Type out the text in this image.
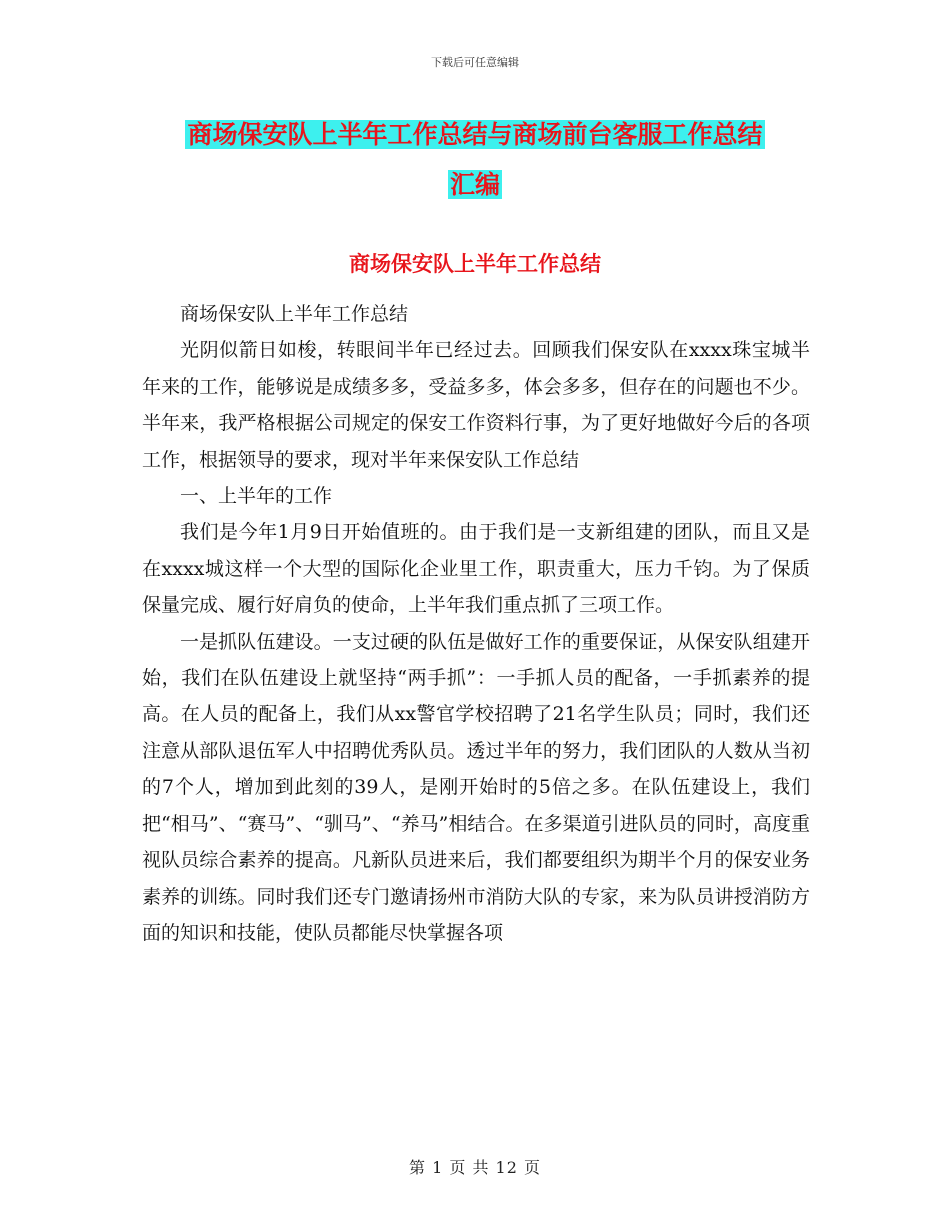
下载后可任意编辑
商场保安队上半年工作总结与商场前台客服工作总结
汇编
商场保安队上半年工作总结

商场保安队上半年工作总结

光阴似箭日如梭，转眼间半年已经过去。回顾我们保安队在xxxx珠宝城半年来的工作，能够说是成绩多多，受益多多，体会多多，但存在的问题也不少。半年来，我严格根据公司规定的保安工作资料行事，为了更好地做好今后的各项工作，根据领导的要求，现对半年来保安队工作总结

一、上半年的工作

我们是今年1月9日开始值班的。由于我们是一支新组建的团队，而且又是在xxxx城这样一个大型的国际化企业里工作，职责重大，压力千钧。为了保质保量完成、履行好肩负的使命，上半年我们重点抓了三项工作。

一是抓队伍建设。一支过硬的队伍是做好工作的重要保证，从保安队组建开始，我们在队伍建设上就坚持“两手抓”：一手抓人员的配备，一手抓素养的提高。在人员的配备上，我们从xx警官学校招聘了21名学生队员；同时，我们还注意从部队退伍军人中招聘优秀队员。透过半年的努力，我们团队的人数从当初的7个人，增加到此刻的39人，是刚开始时的5倍之多。在队伍建设上，我们把“相马”、“赛马”、“驯马”、“养马”相结合。在多渠道引进队员的同时，高度重视队员综合素养的提高。凡新队员进来后，我们都要组织为期半个月的保安业务素养的训练。同时我们还专门邀请扬州市消防大队的专家，来为队员讲授消防方面的知识和技能，使队员都能尽快掌握各项

第 1 页 共 12 页
